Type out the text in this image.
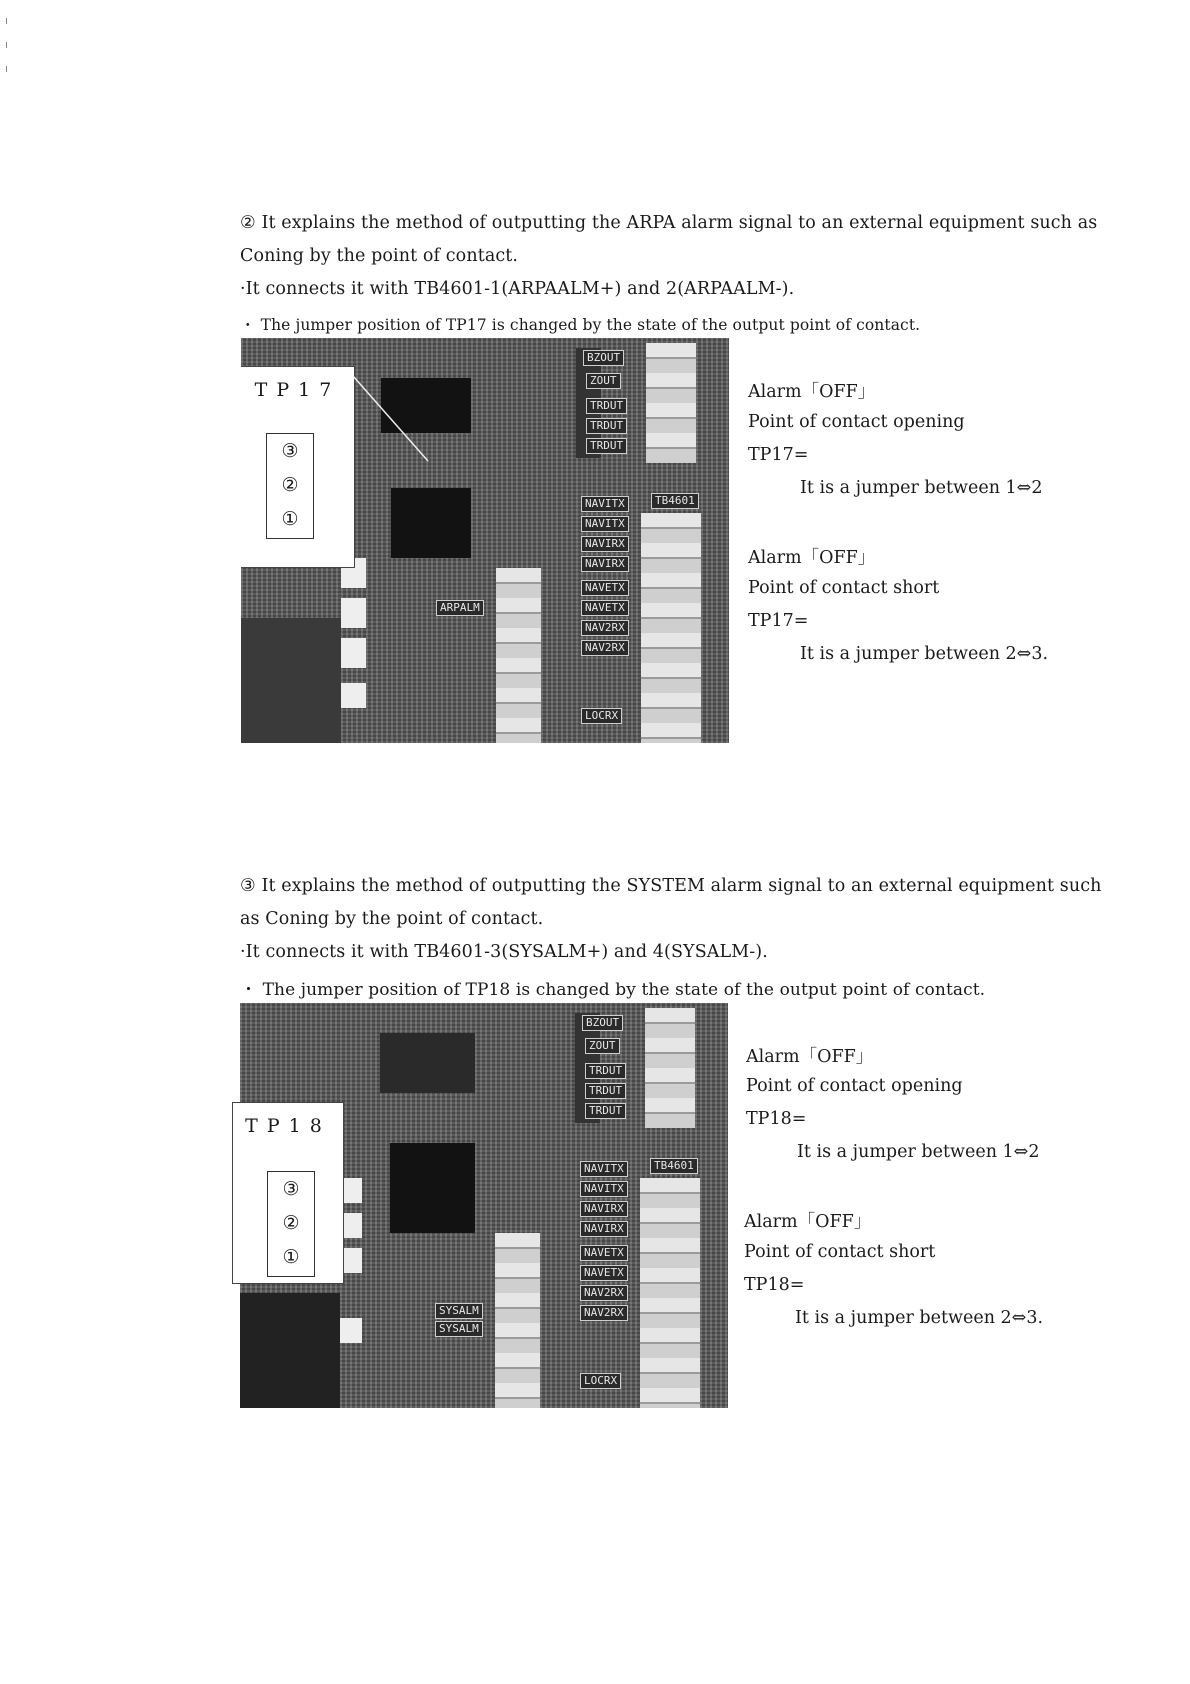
② It explains the method of outputting the ARPA alarm signal to an external equipment such as
Coning by the point of contact.
·It connects it with TB4601-1(ARPAALM+) and 2(ARPAALM-).
・ The jumper position of TP17 is changed by the state of the output point of contact.
BZOUT
ZOUT
TRDUT
TRDUT
TRDUT
NAVITX
NAVITX
NAVIRX
NAVIRX
ARPALM
NAVETX
NAVETX
NAV2RX
NAV2RX
LOCRX
TB4601
TP17
③
②
①
Alarm「OFF」
Point of contact opening
TP17=
It is a jumper between 1⇔2
Alarm「OFF」
Point of contact short
TP17=
It is a jumper between 2⇔3.
③ It explains the method of outputting the SYSTEM alarm signal to an external equipment such
as Coning by the point of contact.
·It connects it with TB4601-3(SYSALM+) and 4(SYSALM-).
・ The jumper position of TP18 is changed by the state of the output point of contact.
BZOUT
ZOUT
TRDUT
TRDUT
TRDUT
NAVITX
NAVITX
NAVIRX
NAVIRX
SYSALM
SYSALM
NAVETX
NAVETX
NAV2RX
NAV2RX
LOCRX
TB4601
TP18
③
②
①
Alarm「OFF」
Point of contact opening
TP18=
It is a jumper between 1⇔2
Alarm「OFF」
Point of contact short
TP18=
It is a jumper between 2⇔3.
